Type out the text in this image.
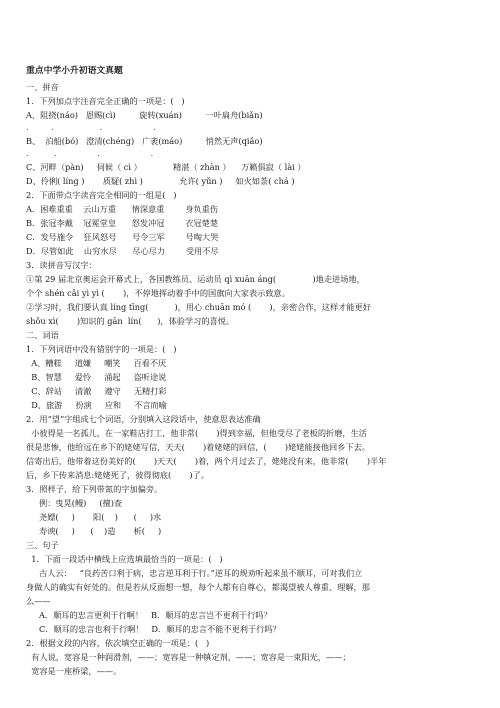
重点中学小升初语文真题
一、拼音
1．下列加点字注音完全正确的一项是：(   )
A、阻挠(náo)   恩赐(cì)         旋转(xuán)         一叶扁舟(biǎn)
.         .                  .                    .
B、  泊船(bó)   澄清(chéng)   广袤(máo)         悄然无声(qiǎo)
.          .                .                    .
C、河畔（pàn)     伺候（ cì ）            精湛（ zhàn ）    万籁俱寂（ lài ）
D、伶俐( líng )       质疑( zhì )              允许( yǔn )     如火如荼( chá )
2．下面带点字读音完全相同的一组是(   )
A．困难重重    云山万重      情深意重        身负重伤
B．张冠李戴    冠冕堂皇      怒发冲冠        衣冠楚楚
C．发号施令    狂风怒号      号令三军        号啕大哭
D．尽管如此    山穷水尽      尽心尽力        受用不尽
3．读拼音写汉字：
①第 29 届北京奥运会开幕式上，各国教练员、运动员 qì xuān áng(              )地走进场地，
个个 shén cǎi yì yì (       )，不停地挥动着手中的国旗向大家表示致意。
②学习时，我们要认真 líng tīng(          )，用心 chuān mó (       )，亲密合作，这样才能更好
shǒu xì(       )知识的 gān  lín(      )，体验学习的喜悦。
二、词语
1．下列词语中没有错别字的一项是：(   )
A、糟糕     道嫌     嘲笑     百看不厌
B、智慧     爱怜     涌起     盗听途说
C、辞站     清澈     遵守     无精打彩
D、旅游     扮演     应和     不言而喻
2．用“望”字组成七个词语，分别填入这段话中，使意思表达准确
小彼得是一名孤儿，在一家鞋店打工，他非常(       )得到幸福，但他受尽了老板的折磨，生活
很是悲惨，他给远在乡下的姥姥写信，天天(       )着姥姥的回信，(       )姥姥能接他回乡下去。
信寄出后，他带着这份美好的(       )天天(       )着，两个月过去了，姥姥没有来，他非常(       )半年
后，乡下传来消息:姥姥死了，彼得彻底(       )了。
3．照样子，给下列带氮的字加偏旁。
例：曳晃(鳗)     (擅)查
尧嫖(     )       阳(    )      (     )水
寿谀(     )      (    )造       析(     )
三、句子
1．下面一段话中横线上应选填最恰当的一项是：(   )
古人云：   “良药苦口利于病，忠言逆耳利于行。”逆耳的规劝听起来虽不顺耳，可对我们立
身做人的确实有好处的。但是若从反面想一想，每个人都有自尊心，都渴望被人尊重、理解，那
么——
A．顺耳的忠言更利于行啊！   B．顺耳的忠言岂不更利于行吗？
C．顺耳的忠言也利于行啊！   D．顺耳的忠言不能不更利于行吗？
2．根据文段的内容，依次填空正确的一项是：(   )
有人说，宽容是一种润滑剂，——；宽容是一种镇定剂，——；宽容是一束阳光，——；
宽容是一座桥梁，——。
